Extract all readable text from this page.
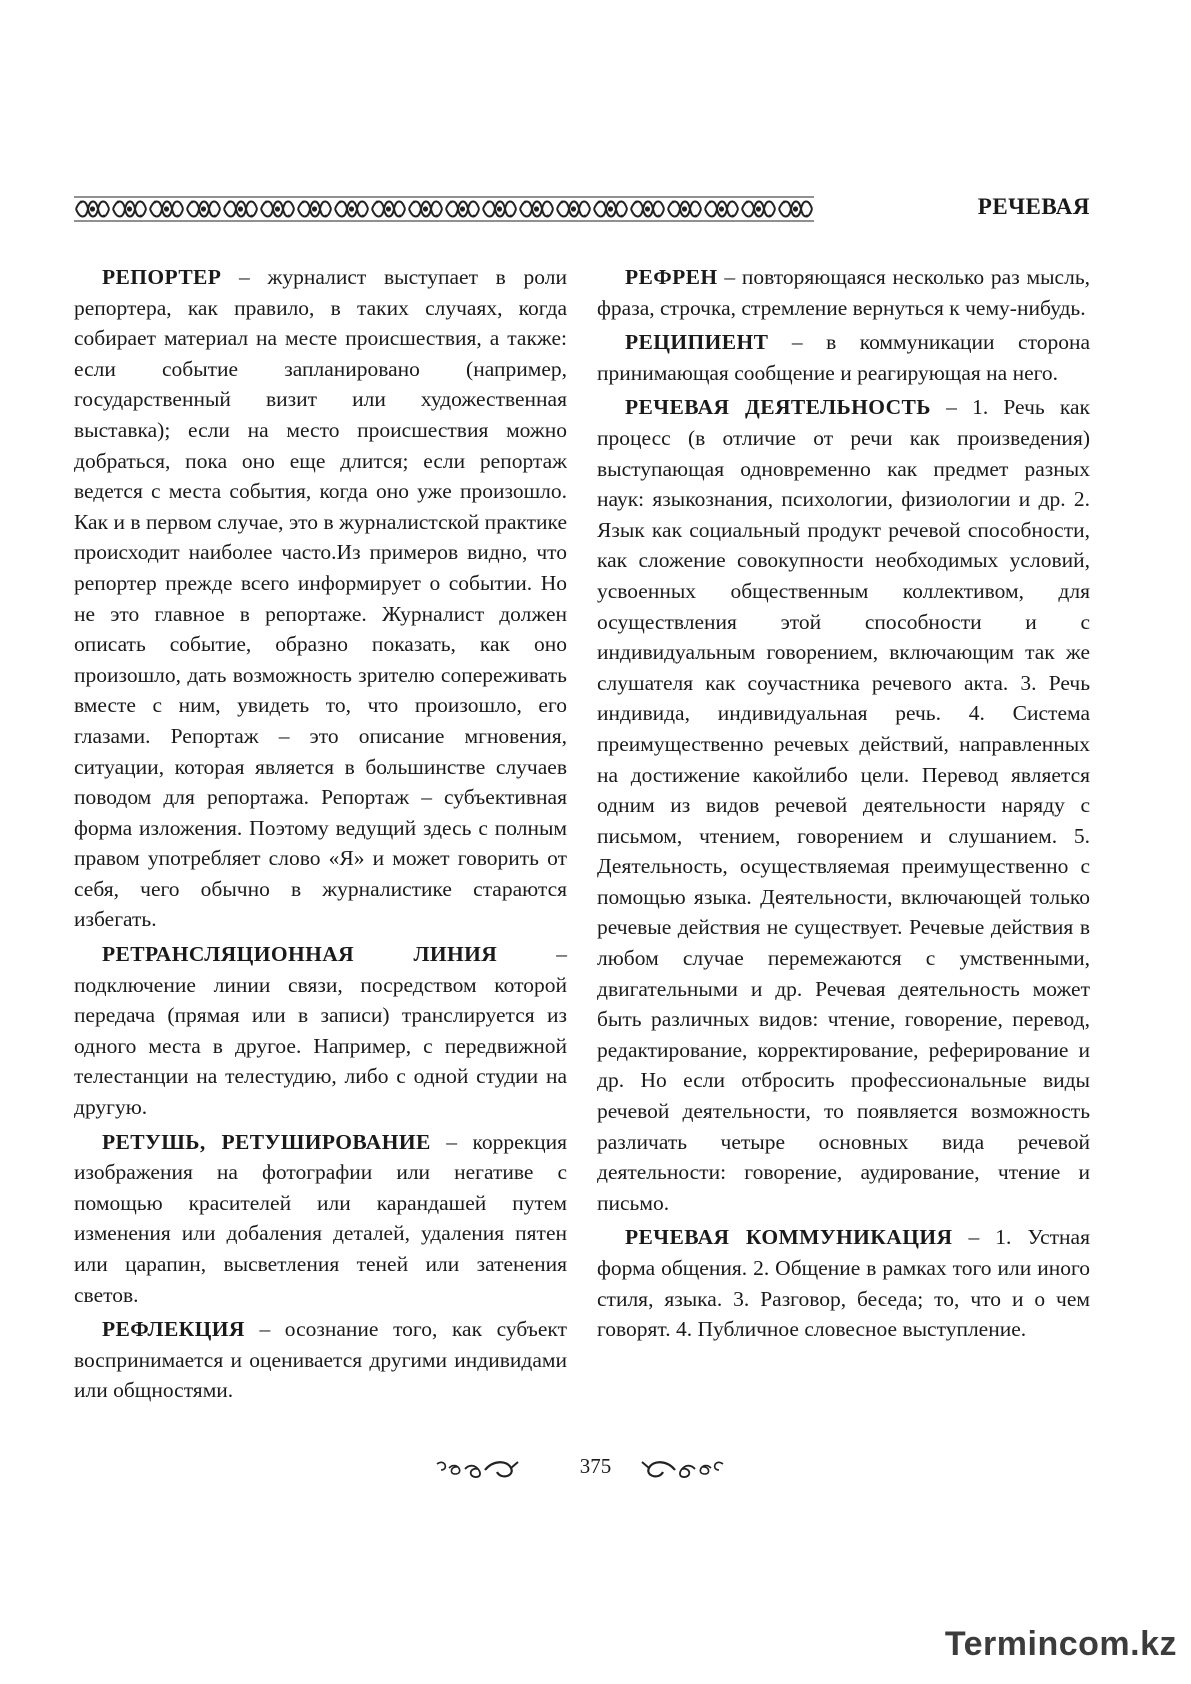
РЕЧЕВАЯ

РЕПОРТЕР – журналист выступает в роли репортера, как правило, в таких случаях, когда собирает материал на месте происшествия, а также: если событие запланировано (например, государственный визит или художественная выставка); если на место происшествия можно добраться, пока оно еще длится; если репортаж ведется с места события, когда оно уже произошло. Как и в первом случае, это в журналистской практике происходит наиболее часто.Из примеров видно, что репортер прежде всего информирует о событии. Но не это главное в репортаже. Журналист должен описать событие, образно показать, как оно произошло, дать возможность зрителю сопереживать вместе с ним, увидеть то, что произошло, его глазами. Репортаж – это описание мгновения, ситуации, которая является в большинстве случаев поводом для репортажа. Репортаж – субъективная форма изложения. Поэтому ведущий здесь с полным правом употребляет слово «Я» и может говорить от себя, чего обычно в журналистике стараются избегать.

РЕТРАНСЛЯЦИОННАЯ ЛИНИЯ – подключение линии связи, посредством которой передача (прямая или в записи) транслируется из одного места в другое. Например, с передвижной телестанции на телестудию, либо с одной студии на другую.

РЕТУШЬ, РЕТУШИРОВАНИЕ – коррекция изображения на фотографии или негативе с помощью красителей или карандашей путем изменения или добаления деталей, удаления пятен или царапин, высветления теней или затенения светов.

РЕФЛЕКЦИЯ – осознание того, как субъект воспринимается и оценивается другими индивидами или общностями.

РЕФРЕН – повторяющаяся несколько раз мысль, фраза, строчка, стремление вернуться к чему-нибудь.

РЕЦИПИЕНТ – в коммуникации сторона принимающая сообщение и реагирующая на него.

РЕЧЕВАЯ ДЕЯТЕЛЬНОСТЬ – 1. Речь как процесс (в отличие от речи как произведения) выступающая одновременно как предмет разных наук: языкознания, психологии, физиологии и др. 2. Язык как социальный продукт речевой способности, как сложение совокупности необходимых условий, усвоенных общественным коллективом, для осуществления этой способности и с индивидуальным говорением, включающим так же слушателя как соучастника речевого акта. 3. Речь индивида, индивидуальная речь. 4. Система преимущественно речевых действий, направленных на достижение какойлибо цели. Перевод является одним из видов речевой деятельности наряду с письмом, чтением, говорением и слушанием. 5. Деятельность, осуществляемая преимущественно с помощью языка. Деятельности, включающей только речевые действия не существует. Речевые действия в любом случае перемежаются с умственными, двигательными и др. Речевая деятельность может быть различных видов: чтение, говорение, перевод, редактирование, корректирование, реферирование и др. Но если отбросить профессиональные виды речевой деятельности, то появляется возможность различать четыре основных вида речевой деятельности: говорение, аудирование, чтение и письмо.

РЕЧЕВАЯ КОММУНИКАЦИЯ – 1. Устная форма общения. 2. Общение в рамках того или иного стиля, языка. 3. Разговор, беседа; то, что и о чем говорят. 4. Публичное словесное выступление.

375
Termincom.kz
